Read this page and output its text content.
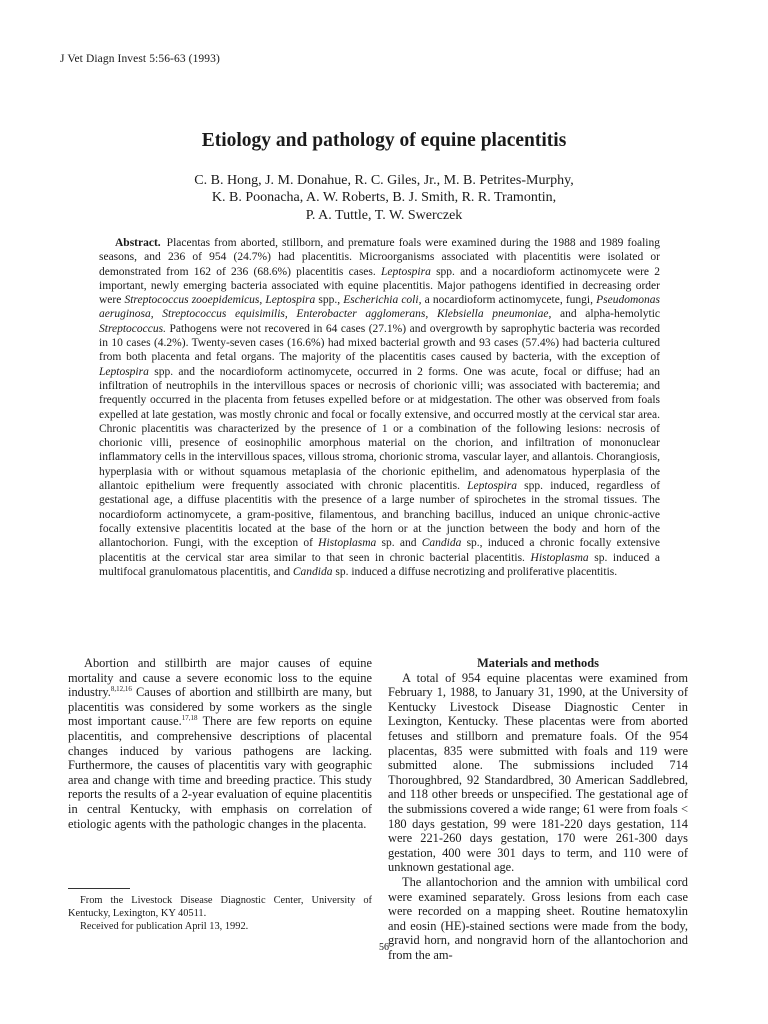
J Vet Diagn Invest 5:56-63 (1993)
Etiology and pathology of equine placentitis
C. B. Hong, J. M. Donahue, R. C. Giles, Jr., M. B. Petrites-Murphy,
K. B. Poonacha, A. W. Roberts, B. J. Smith, R. R. Tramontin,
P. A. Tuttle, T. W. Swerczek
Abstract. Placentas from aborted, stillborn, and premature foals were examined during the 1988 and 1989 foaling seasons, and 236 of 954 (24.7%) had placentitis. Microorganisms associated with placentitis were isolated or demonstrated from 162 of 236 (68.6%) placentitis cases. Leptospira spp. and a nocardioform actinomycete were 2 important, newly emerging bacteria associated with equine placentitis. Major pathogens identified in decreasing order were Streptococcus zooepidemicus, Leptospira spp., Escherichia coli, a nocardioform actinomycete, fungi, Pseudomonas aeruginosa, Streptococcus equisimilis, Enterobacter agglomerans, Klebsiella pneumoniae, and alpha-hemolytic Streptococcus. Pathogens were not recovered in 64 cases (27.1%) and overgrowth by saprophytic bacteria was recorded in 10 cases (4.2%). Twenty-seven cases (16.6%) had mixed bacterial growth and 93 cases (57.4%) had bacteria cultured from both placenta and fetal organs. The majority of the placentitis cases caused by bacteria, with the exception of Leptospira spp. and the nocardioform actinomycete, occurred in 2 forms. One was acute, focal or diffuse; had an infiltration of neutrophils in the intervillous spaces or necrosis of chorionic villi; was associated with bacteremia; and frequently occurred in the placenta from fetuses expelled before or at midgestation. The other was observed from foals expelled at late gestation, was mostly chronic and focal or focally extensive, and occurred mostly at the cervical star area. Chronic placentitis was characterized by the presence of 1 or a combination of the following lesions: necrosis of chorionic villi, presence of eosinophilic amorphous material on the chorion, and infiltration of mononuclear inflammatory cells in the intervillous spaces, villous stroma, chorionic stroma, vascular layer, and allantois. Chorangiosis, hyperplasia with or without squamous metaplasia of the chorionic epithelim, and adenomatous hyperplasia of the allantoic epithelium were frequently associated with chronic placentitis. Leptospira spp. induced, regardless of gestational age, a diffuse placentitis with the presence of a large number of spirochetes in the stromal tissues. The nocardioform actinomycete, a gram-positive, filamentous, and branching bacillus, induced an unique chronic-active focally extensive placentitis located at the base of the horn or at the junction between the body and horn of the allantochorion. Fungi, with the exception of Histoplasma sp. and Candida sp., induced a chronic focally extensive placentitis at the cervical star area similar to that seen in chronic bacterial placentitis. Histoplasma sp. induced a multifocal granulomatous placentitis, and Candida sp. induced a diffuse necrotizing and proliferative placentitis.

Abortion and stillbirth are major causes of equine mortality and cause a severe economic loss to the equine industry.$^{8,12,16}$ Causes of abortion and stillbirth are many, but placentitis was considered by some workers as the single most important cause.$^{17,18}$ There are few reports on equine placentitis, and comprehensive descriptions of placental changes induced by various pathogens are lacking. Furthermore, the causes of placentitis vary with geographic area and change with time and breeding practice. This study reports the results of a 2-year evaluation of equine placentitis in central Kentucky, with emphasis on correlation of etiologic agents with the pathologic changes in the placenta.

Materials and methods

A total of 954 equine placentas were examined from February 1, 1988, to January 31, 1990, at the University of Kentucky Livestock Disease Diagnostic Center in Lexington, Kentucky. These placentas were from aborted fetuses and stillborn and premature foals. Of the 954 placentas, 835 were submitted with foals and 119 were submitted alone. The submissions included 714 Thoroughbred, 92 Standardbred, 30 American Saddlebred, and 118 other breeds or unspecified. The gestational age of the submissions covered a wide range; 61 were from foals < 180 days gestation, 99 were 181-220 days gestation, 114 were 221-260 days gestation, 170 were 261-300 days gestation, 400 were 301 days to term, and 110 were of unknown gestational age.

The allantochorion and the amnion with umbilical cord were examined separately. Gross lesions from each case were recorded on a mapping sheet. Routine hematoxylin and eosin (HE)-stained sections were made from the body, gravid horn, and nongravid horn of the allantochorion and from the am-

From the Livestock Disease Diagnostic Center, University of Kentucky, Lexington, KY 40511.

Received for publication April 13, 1992.

56
